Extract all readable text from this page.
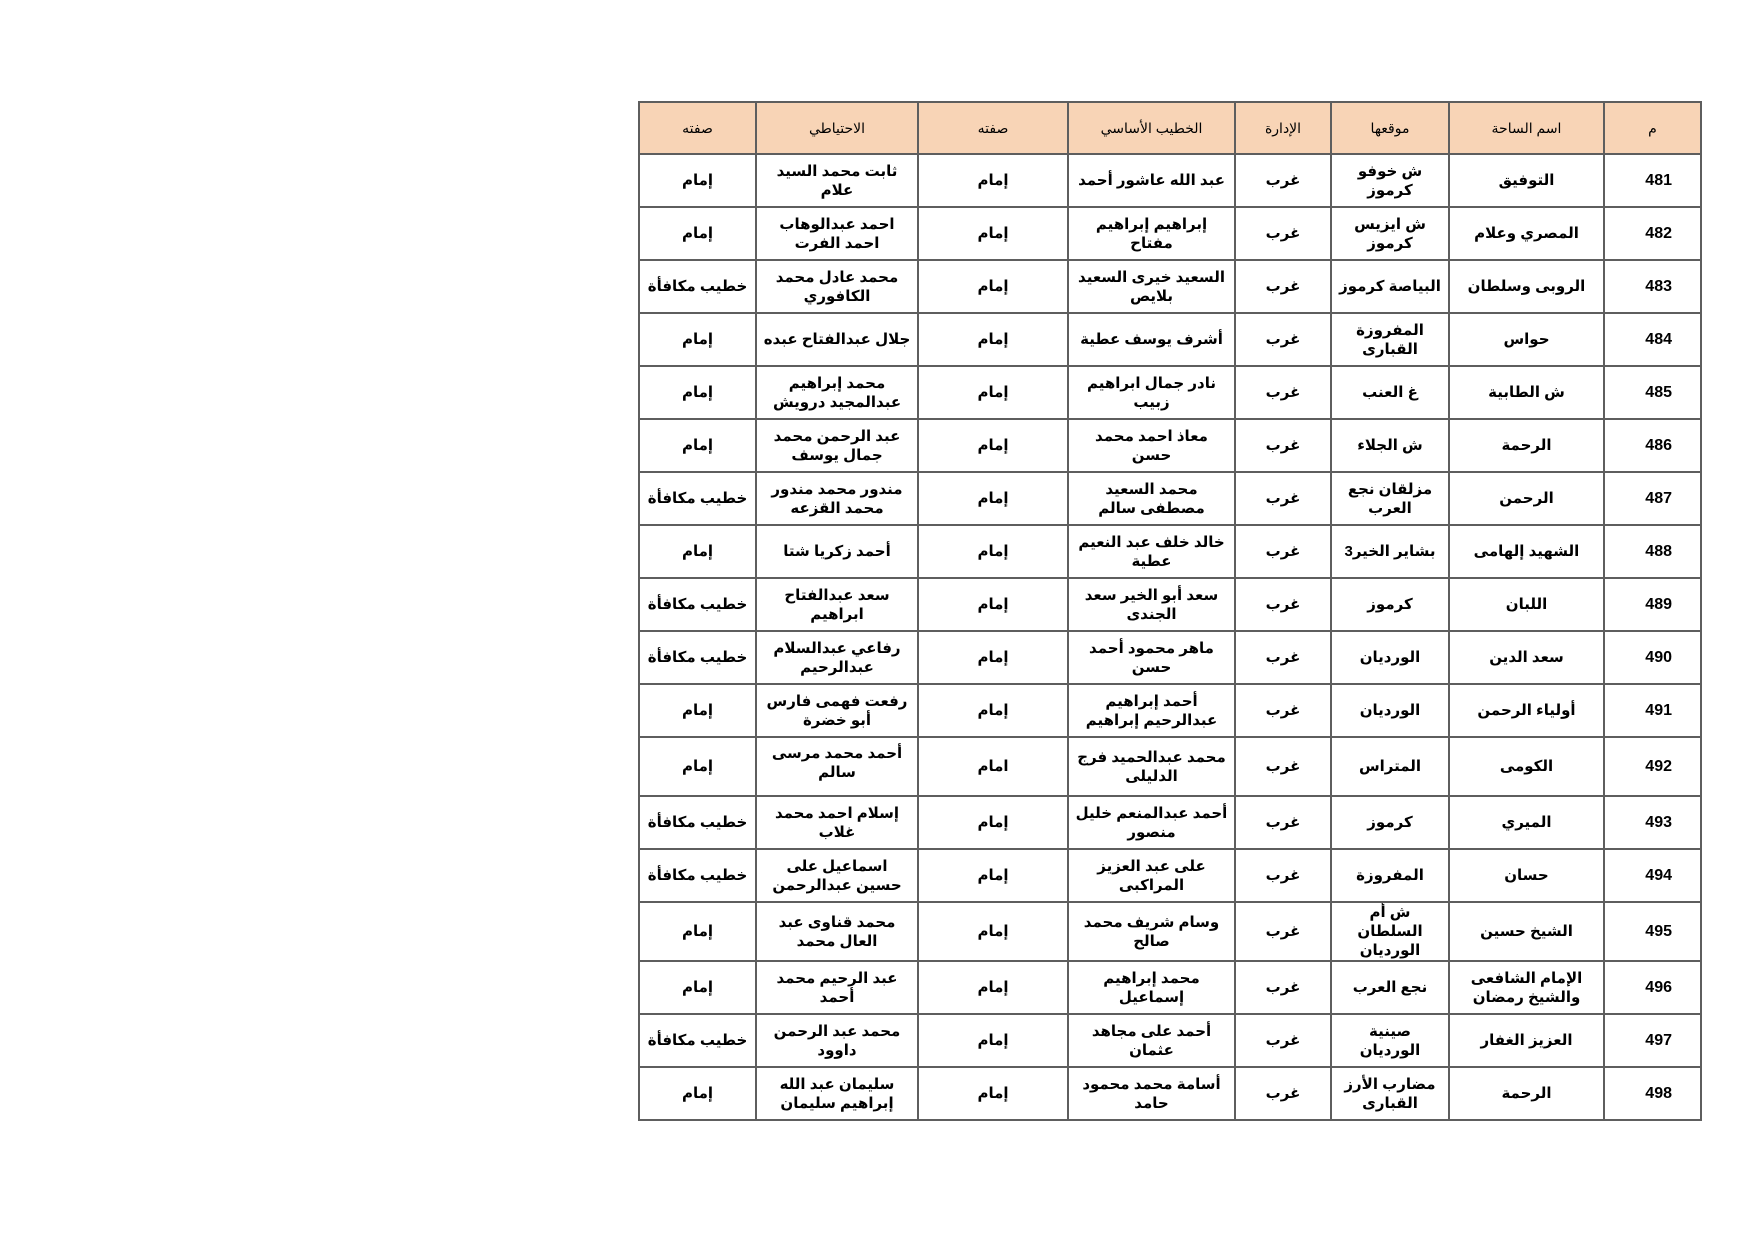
صفته	الاحتياطي	صفته	الخطيب الأساسي	الإدارة	موقعها	اسم الساحة	م
إمام	ثابت محمد السيد علام	إمام	عبد الله عاشور أحمد	غرب	ش خوفو كرموز	التوفيق	481
إمام	احمد عبدالوهاب احمد الفرت	إمام	إبراهيم إبراهيم مفتاح	غرب	ش ايزيس كرموز	المصري وعلام	482
خطيب مكافأة	محمد عادل محمد الكافوري	إمام	السعيد خيرى السعيد بلايص	غرب	البياصة كرموز	الروبى وسلطان	483
إمام	جلال عبدالفتاح عبده	إمام	أشرف يوسف عطية	غرب	المفروزة القبارى	حواس	484
إمام	محمد إبراهيم عبدالمجيد درويش	إمام	نادر جمال ابراهيم زبيب	غرب	غ العنب	ش الطابية	485
إمام	عبد الرحمن محمد جمال يوسف	إمام	معاذ احمد محمد حسن	غرب	ش الجلاء	الرحمة	486
خطيب مكافأة	مندور محمد مندور محمد القزعه	إمام	محمد السعيد مصطفى سالم	غرب	مزلقان نجع العرب	الرحمن	487
إمام	أحمد زكريا شتا	إمام	خالد خلف عبد النعيم عطية	غرب	بشاير الخير3	الشهيد إلهامى	488
خطيب مكافأة	سعد عبدالفتاح ابراهيم	إمام	سعد أبو الخير سعد الجندى	غرب	كرموز	اللبان	489
خطيب مكافأة	رفاعي عبدالسلام عبدالرحيم	إمام	ماهر محمود أحمد حسن	غرب	الورديان	سعد الدين	490
إمام	رفعت فهمى فارس أبو خضرة	إمام	أحمد إبراهيم عبدالرحيم إبراهيم	غرب	الورديان	أولياء الرحمن	491
إمام	أحمد محمد مرسى سالم	امام	محمد عبدالحميد فرج الدليلى	غرب	المتراس	الكومى	492
خطيب مكافأة	إسلام احمد محمد غلاب	إمام	أحمد عبدالمنعم خليل منصور	غرب	كرموز	الميري	493
خطيب مكافأة	اسماعيل على حسين عبدالرحمن	إمام	على عبد العزيز المراكبى	غرب	المفروزة	حسان	494
إمام	محمد قناوى عبد العال محمد	إمام	وسام شريف محمد صالح	غرب	ش أم السلطان الورديان	الشيخ حسين	495
إمام	عبد الرحيم محمد أحمد	إمام	محمد إبراهيم إسماعيل	غرب	نجع العرب	الإمام الشافعى والشيخ رمضان	496
خطيب مكافأة	محمد عبد الرحمن داوود	إمام	أحمد على مجاهد عثمان	غرب	صينية الورديان	العزيز الغفار	497
إمام	سليمان عبد الله إبراهيم سليمان	إمام	أسامة محمد محمود حامد	غرب	مضارب الأرز القبارى	الرحمة	498
